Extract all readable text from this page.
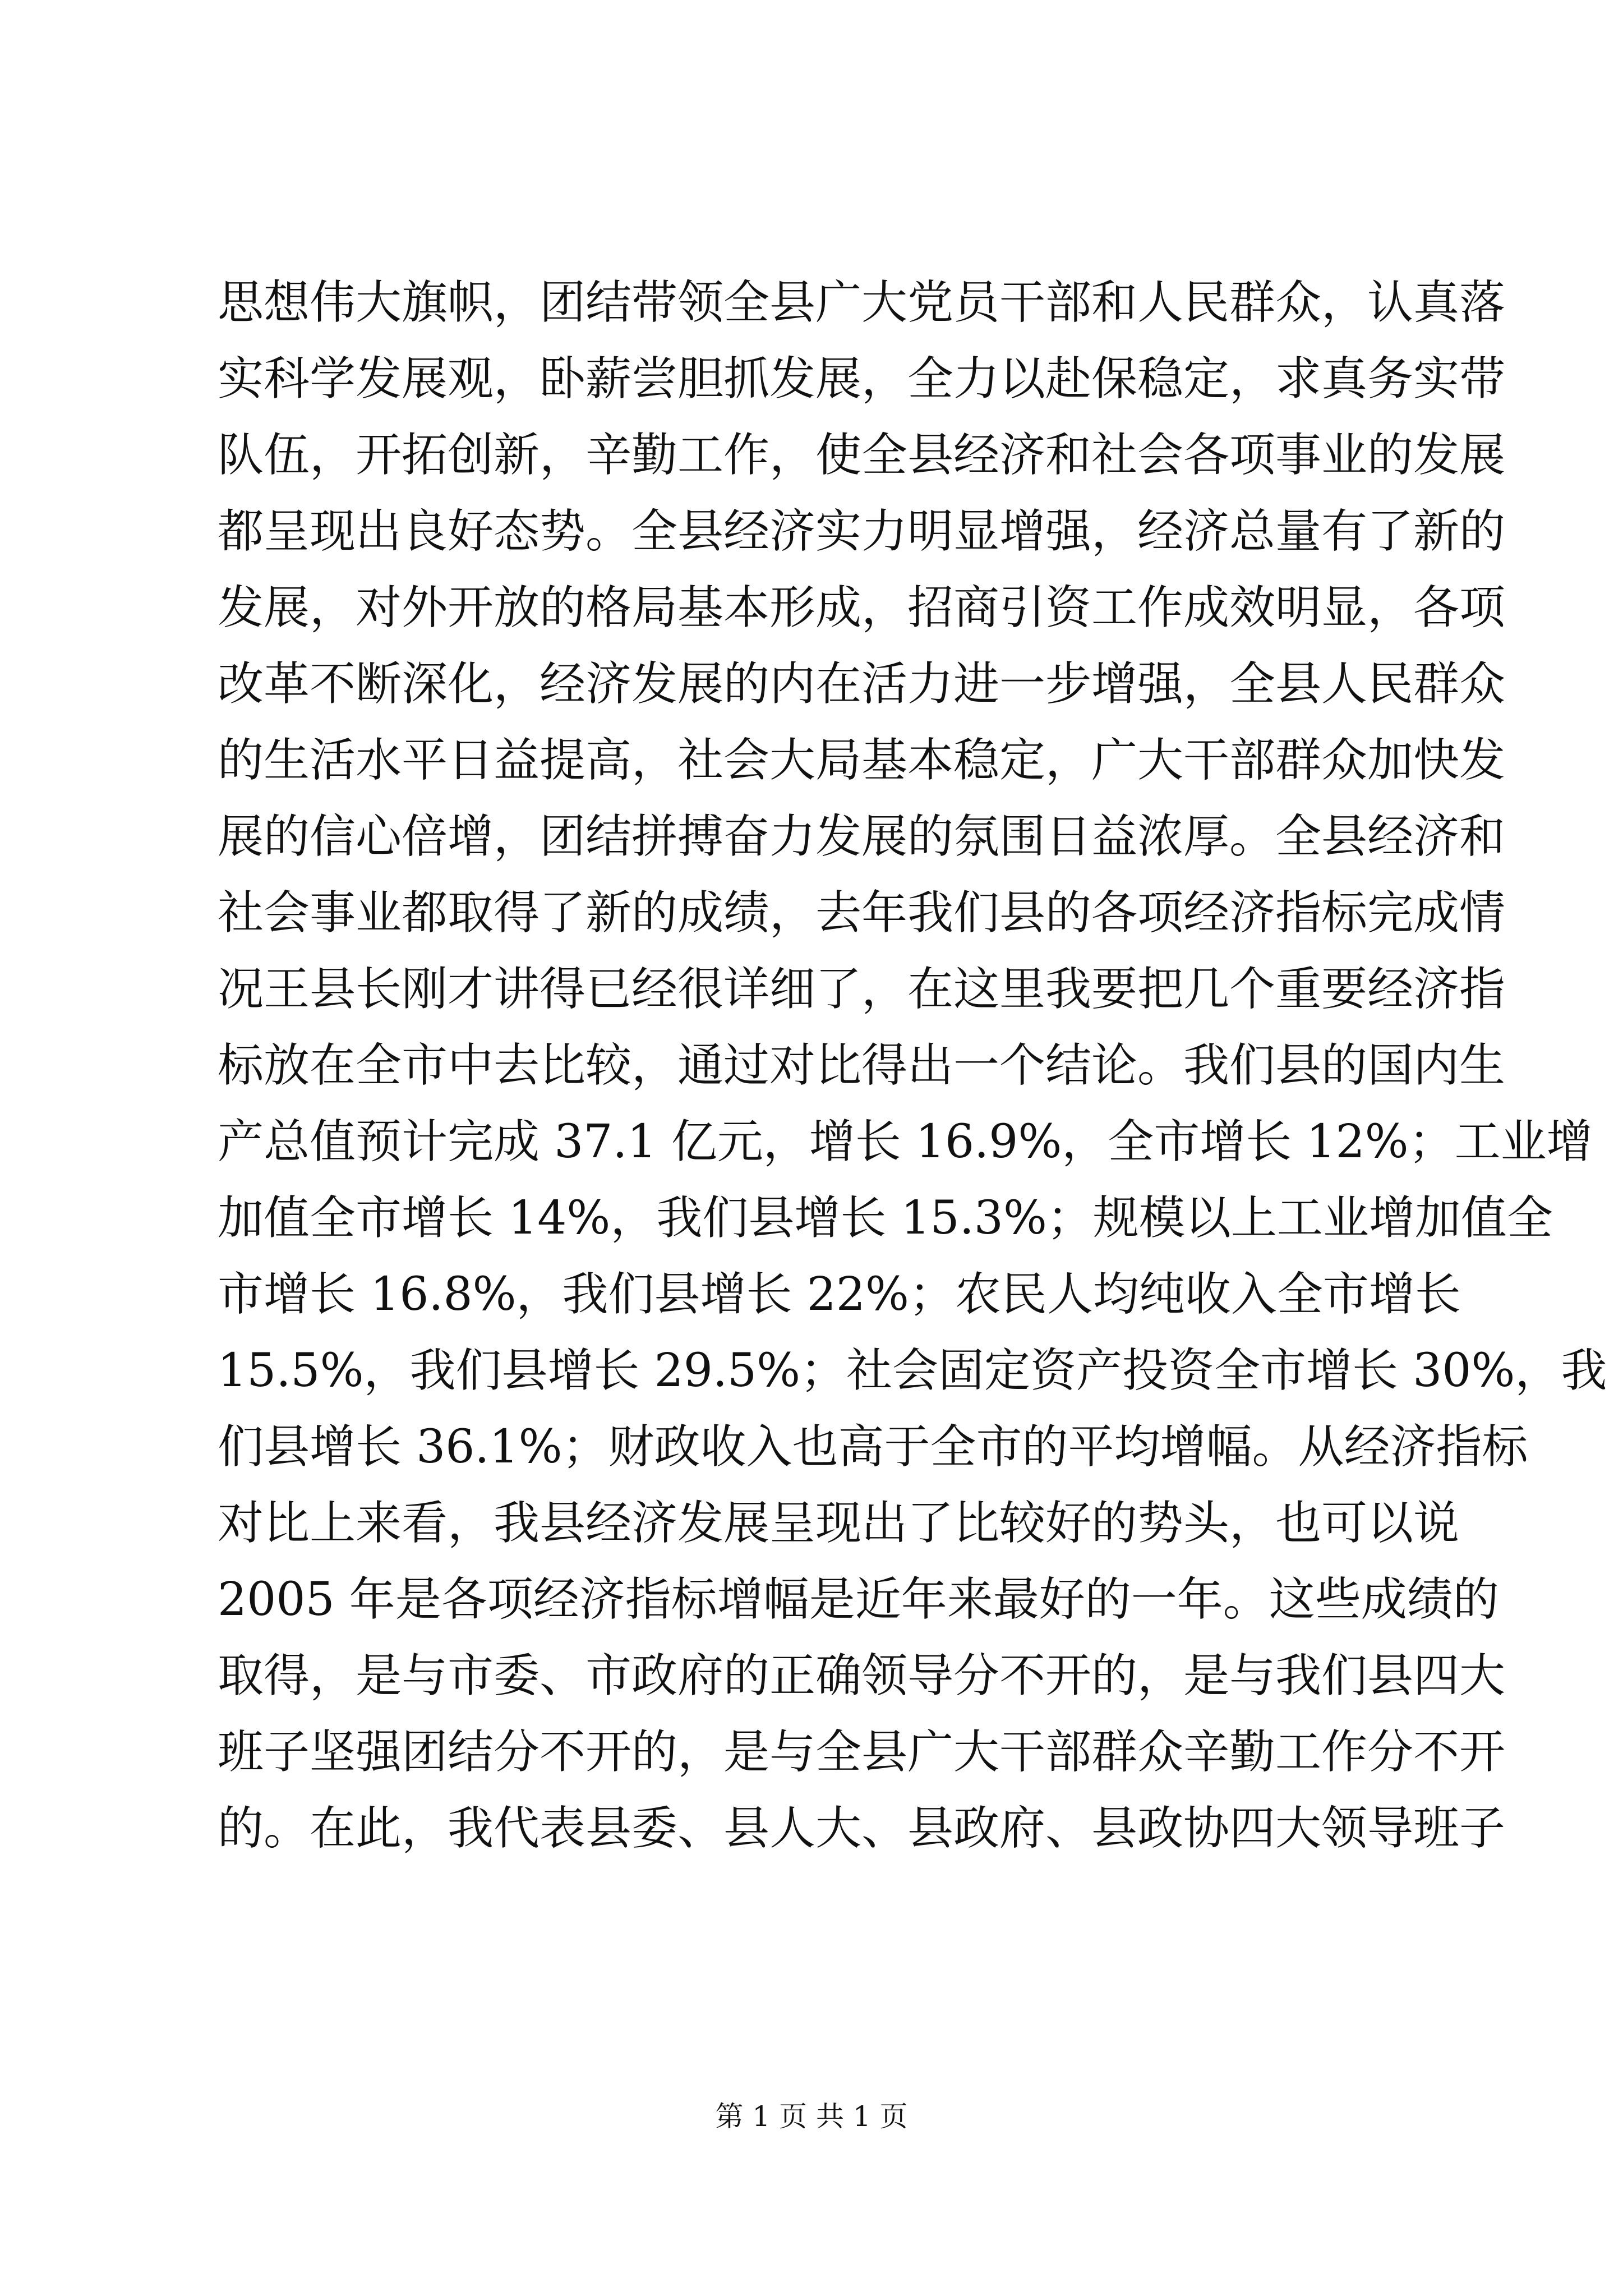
思想伟大旗帜，团结带领全县广大党员干部和人民群众，认真落
实科学发展观，卧薪尝胆抓发展，全力以赴保稳定，求真务实带
队伍，开拓创新，辛勤工作，使全县经济和社会各项事业的发展
都呈现出良好态势。全县经济实力明显增强，经济总量有了新的
发展，对外开放的格局基本形成，招商引资工作成效明显，各项
改革不断深化，经济发展的内在活力进一步增强，全县人民群众
的生活水平日益提高，社会大局基本稳定，广大干部群众加快发
展的信心倍增，团结拼搏奋力发展的氛围日益浓厚。全县经济和
社会事业都取得了新的成绩，去年我们县的各项经济指标完成情
况王县长刚才讲得已经很详细了，在这里我要把几个重要经济指
标放在全市中去比较，通过对比得出一个结论。我们县的国内生
产总值预计完成 37.1 亿元，增长 16.9%，全市增长 12%；工业增
加值全市增长 14%，我们县增长 15.3%；规模以上工业增加值全
市增长 16.8%，我们县增长 22%；农民人均纯收入全市增长
15.5%，我们县增长 29.5%；社会固定资产投资全市增长 30%，我
们县增长 36.1%；财政收入也高于全市的平均增幅。从经济指标
对比上来看，我县经济发展呈现出了比较好的势头，也可以说
2005 年是各项经济指标增幅是近年来最好的一年。这些成绩的
取得，是与市委、市政府的正确领导分不开的，是与我们县四大
班子坚强团结分不开的，是与全县广大干部群众辛勤工作分不开
的。在此，我代表县委、县人大、县政府、县政协四大领导班子
第 1 页 共 1 页
